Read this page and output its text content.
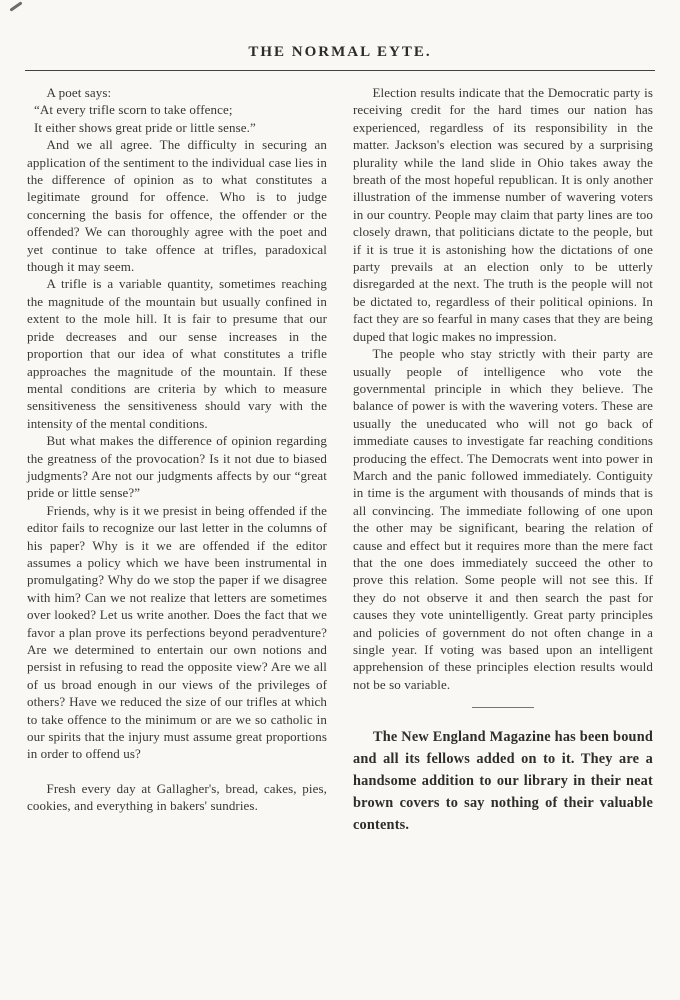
THE NORMAL EYTE.

A poet says:

“At every trifle scorn to take offence;

It either shows great pride or little sense.”

And we all agree. The difficulty in securing an application of the sentiment to the individual case lies in the difference of opinion as to what constitutes a legitimate ground for offence. Who is to judge concerning the basis for offence, the offender or the offended? We can thoroughly agree with the poet and yet continue to take offence at trifles, paradoxical though it may seem.

A trifle is a variable quantity, sometimes reaching the magnitude of the mountain but usually confined in extent to the mole hill. It is fair to presume that our pride decreases and our sense increases in the proportion that our idea of what constitutes a trifle approaches the magnitude of the mountain. If these mental conditions are criteria by which to measure sensitiveness the sensitiveness should vary with the intensity of the mental conditions.

But what makes the difference of opinion regarding the greatness of the provocation? Is it not due to biased judgments? Are not our judgments affects by our “great pride or little sense?”

Friends, why is it we presist in being offended if the editor fails to recognize our last letter in the columns of his paper? Why is it we are offended if the editor assumes a policy which we have been instrumental in promulgating? Why do we stop the paper if we disagree with him? Can we not realize that letters are sometimes over looked? Let us write another. Does the fact that we favor a plan prove its perfections beyond peradventure? Are we determined to entertain our own notions and persist in refusing to read the opposite view? Are we all of us broad enough in our views of the privileges of others? Have we reduced the size of our trifles at which to take offence to the minimum or are we so catholic in our spirits that the injury must assume great proportions in order to offend us?

Fresh every day at Gallagher's, bread, cakes, pies, cookies, and everything in bakers' sundries.

Election results indicate that the Democratic party is receiving credit for the hard times our nation has experienced, regardless of its responsibility in the matter. Jackson's election was secured by a surprising plurality while the land slide in Ohio takes away the breath of the most hopeful republican. It is only another illustration of the immense number of wavering voters in our country. People may claim that party lines are too closely drawn, that politicians dictate to the people, but if it is true it is astonishing how the dictations of one party prevails at an election only to be utterly disregarded at the next. The truth is the people will not be dictated to, regardless of their political opinions. In fact they are so fearful in many cases that they are being duped that logic makes no impression.

The people who stay strictly with their party are usually people of intelligence who vote the governmental principle in which they believe. The balance of power is with the wavering voters. These are usually the uneducated who will not go back of immediate causes to investigate far reaching conditions producing the effect. The Democrats went into power in March and the panic followed immediately. Contiguity in time is the argument with thousands of minds that is all convincing. The immediate following of one upon the other may be significant, bearing the relation of cause and effect but it requires more than the mere fact that the one does immediately succeed the other to prove this relation. Some people will not see this. If they do not observe it and then search the past for causes they vote unintelligently. Great party principles and policies of government do not often change in a single year. If voting was based upon an intelligent apprehension of these principles election results would not be so variable.

The New England Magazine has been bound and all its fellows added on to it. They are a handsome addition to our library in their neat brown covers to say nothing of their valuable contents.
